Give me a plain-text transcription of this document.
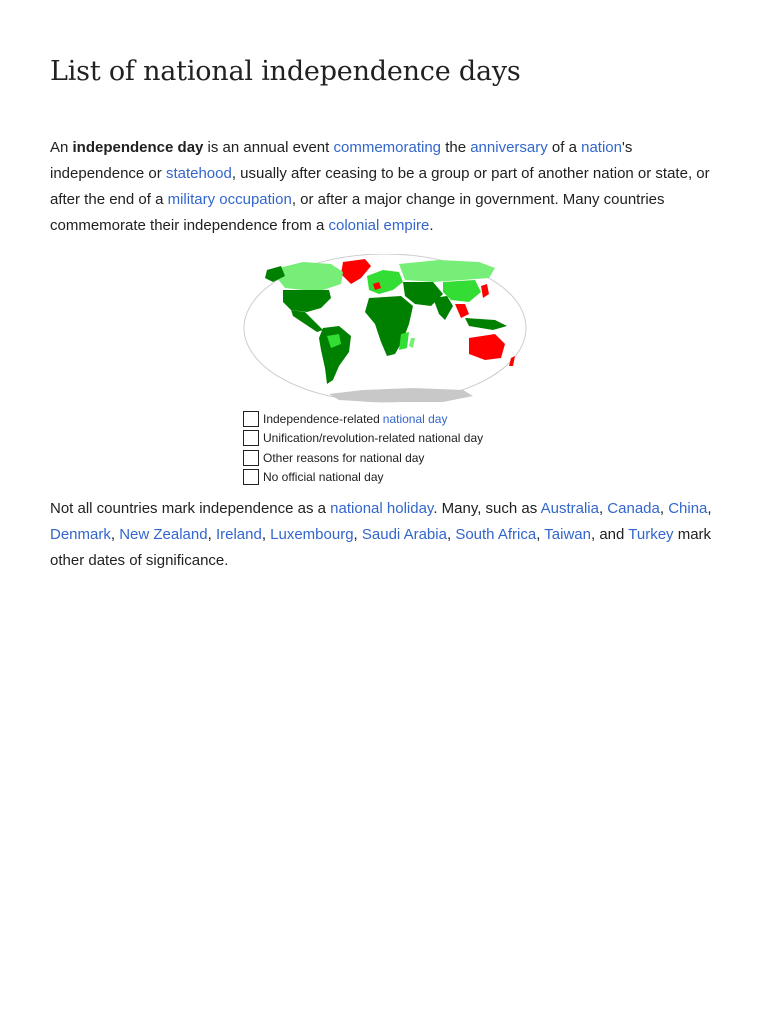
List of national independence days

An independence day is an annual event commemorating the anniversary of a nation's independence or statehood, usually after ceasing to be a group or part of another nation or state, or after the end of a military occupation, or after a major change in government. Many countries commemorate their independence from a colonial empire.

Independence-related national day
Unification/revolution-related national day
Other reasons for national day
No official national day

Not all countries mark independence as a national holiday. Many, such as Australia, Canada, China, Denmark, New Zealand, Ireland, Luxembourg, Saudi Arabia, South Africa, Taiwan, and Turkey mark other dates of significance.
